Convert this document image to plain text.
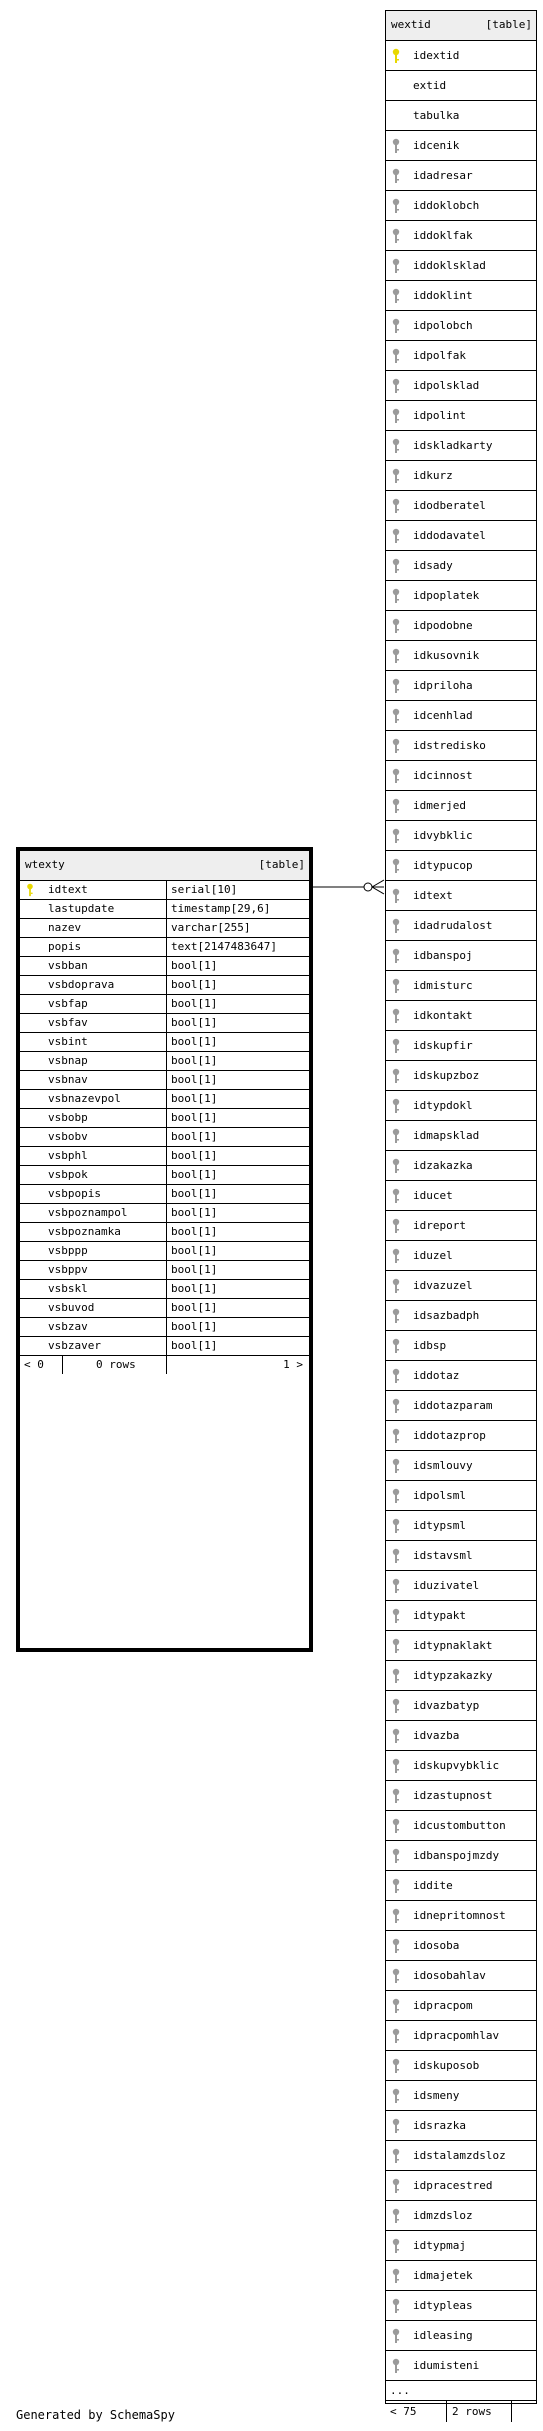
wtexty	[table]
idtext	serial[10]
lastupdate	timestamp[29,6]
nazev	varchar[255]
popis	text[2147483647]
vsbban	bool[1]
vsbdoprava	bool[1]
vsbfap	bool[1]
vsbfav	bool[1]
vsbint	bool[1]
vsbnap	bool[1]
vsbnav	bool[1]
vsbnazevpol	bool[1]
vsbobp	bool[1]
vsbobv	bool[1]
vsbphl	bool[1]
vsbpok	bool[1]
vsbpopis	bool[1]
vsbpoznampol	bool[1]
vsbpoznamka	bool[1]
vsbppp	bool[1]
vsbppv	bool[1]
vsbskl	bool[1]
vsbuvod	bool[1]
vsbzav	bool[1]
vsbzaver	bool[1]
< 0	0 rows	1 >
wextid	[table]
idextid
extid
tabulka
idcenik
idadresar
iddoklobch
iddoklfak
iddoklsklad
iddoklint
idpolobch
idpolfak
idpolsklad
idpolint
idskladkarty
idkurz
idodberatel
iddodavatel
idsady
idpoplatek
idpodobne
idkusovnik
idpriloha
idcenhlad
idstredisko
idcinnost
idmerjed
idvybklic
idtypucop
idtext
idadrudalost
idbanspoj
idmisturc
idkontakt
idskupfir
idskupzboz
idtypdokl
idmapsklad
idzakazka
iducet
idreport
iduzel
idvazuzel
idsazbadph
idbsp
iddotaz
iddotazparam
iddotazprop
idsmlouvy
idpolsml
idtypsml
idstavsml
iduzivatel
idtypakt
idtypnaklakt
idtypzakazky
idvazbatyp
idvazba
idskupvybklic
idzastupnost
idcustombutton
idbanspojmzdy
iddite
idnepritomnost
idosoba
idosobahlav
idpracpom
idpracpomhlav
idskuposob
idsmeny
idsrazka
idstalamzdsloz
idpracestred
idmzdsloz
idtypmaj
idmajetek
idtypleas
idleasing
idumisteni
...
< 75	2 rows
Generated by SchemaSpy
